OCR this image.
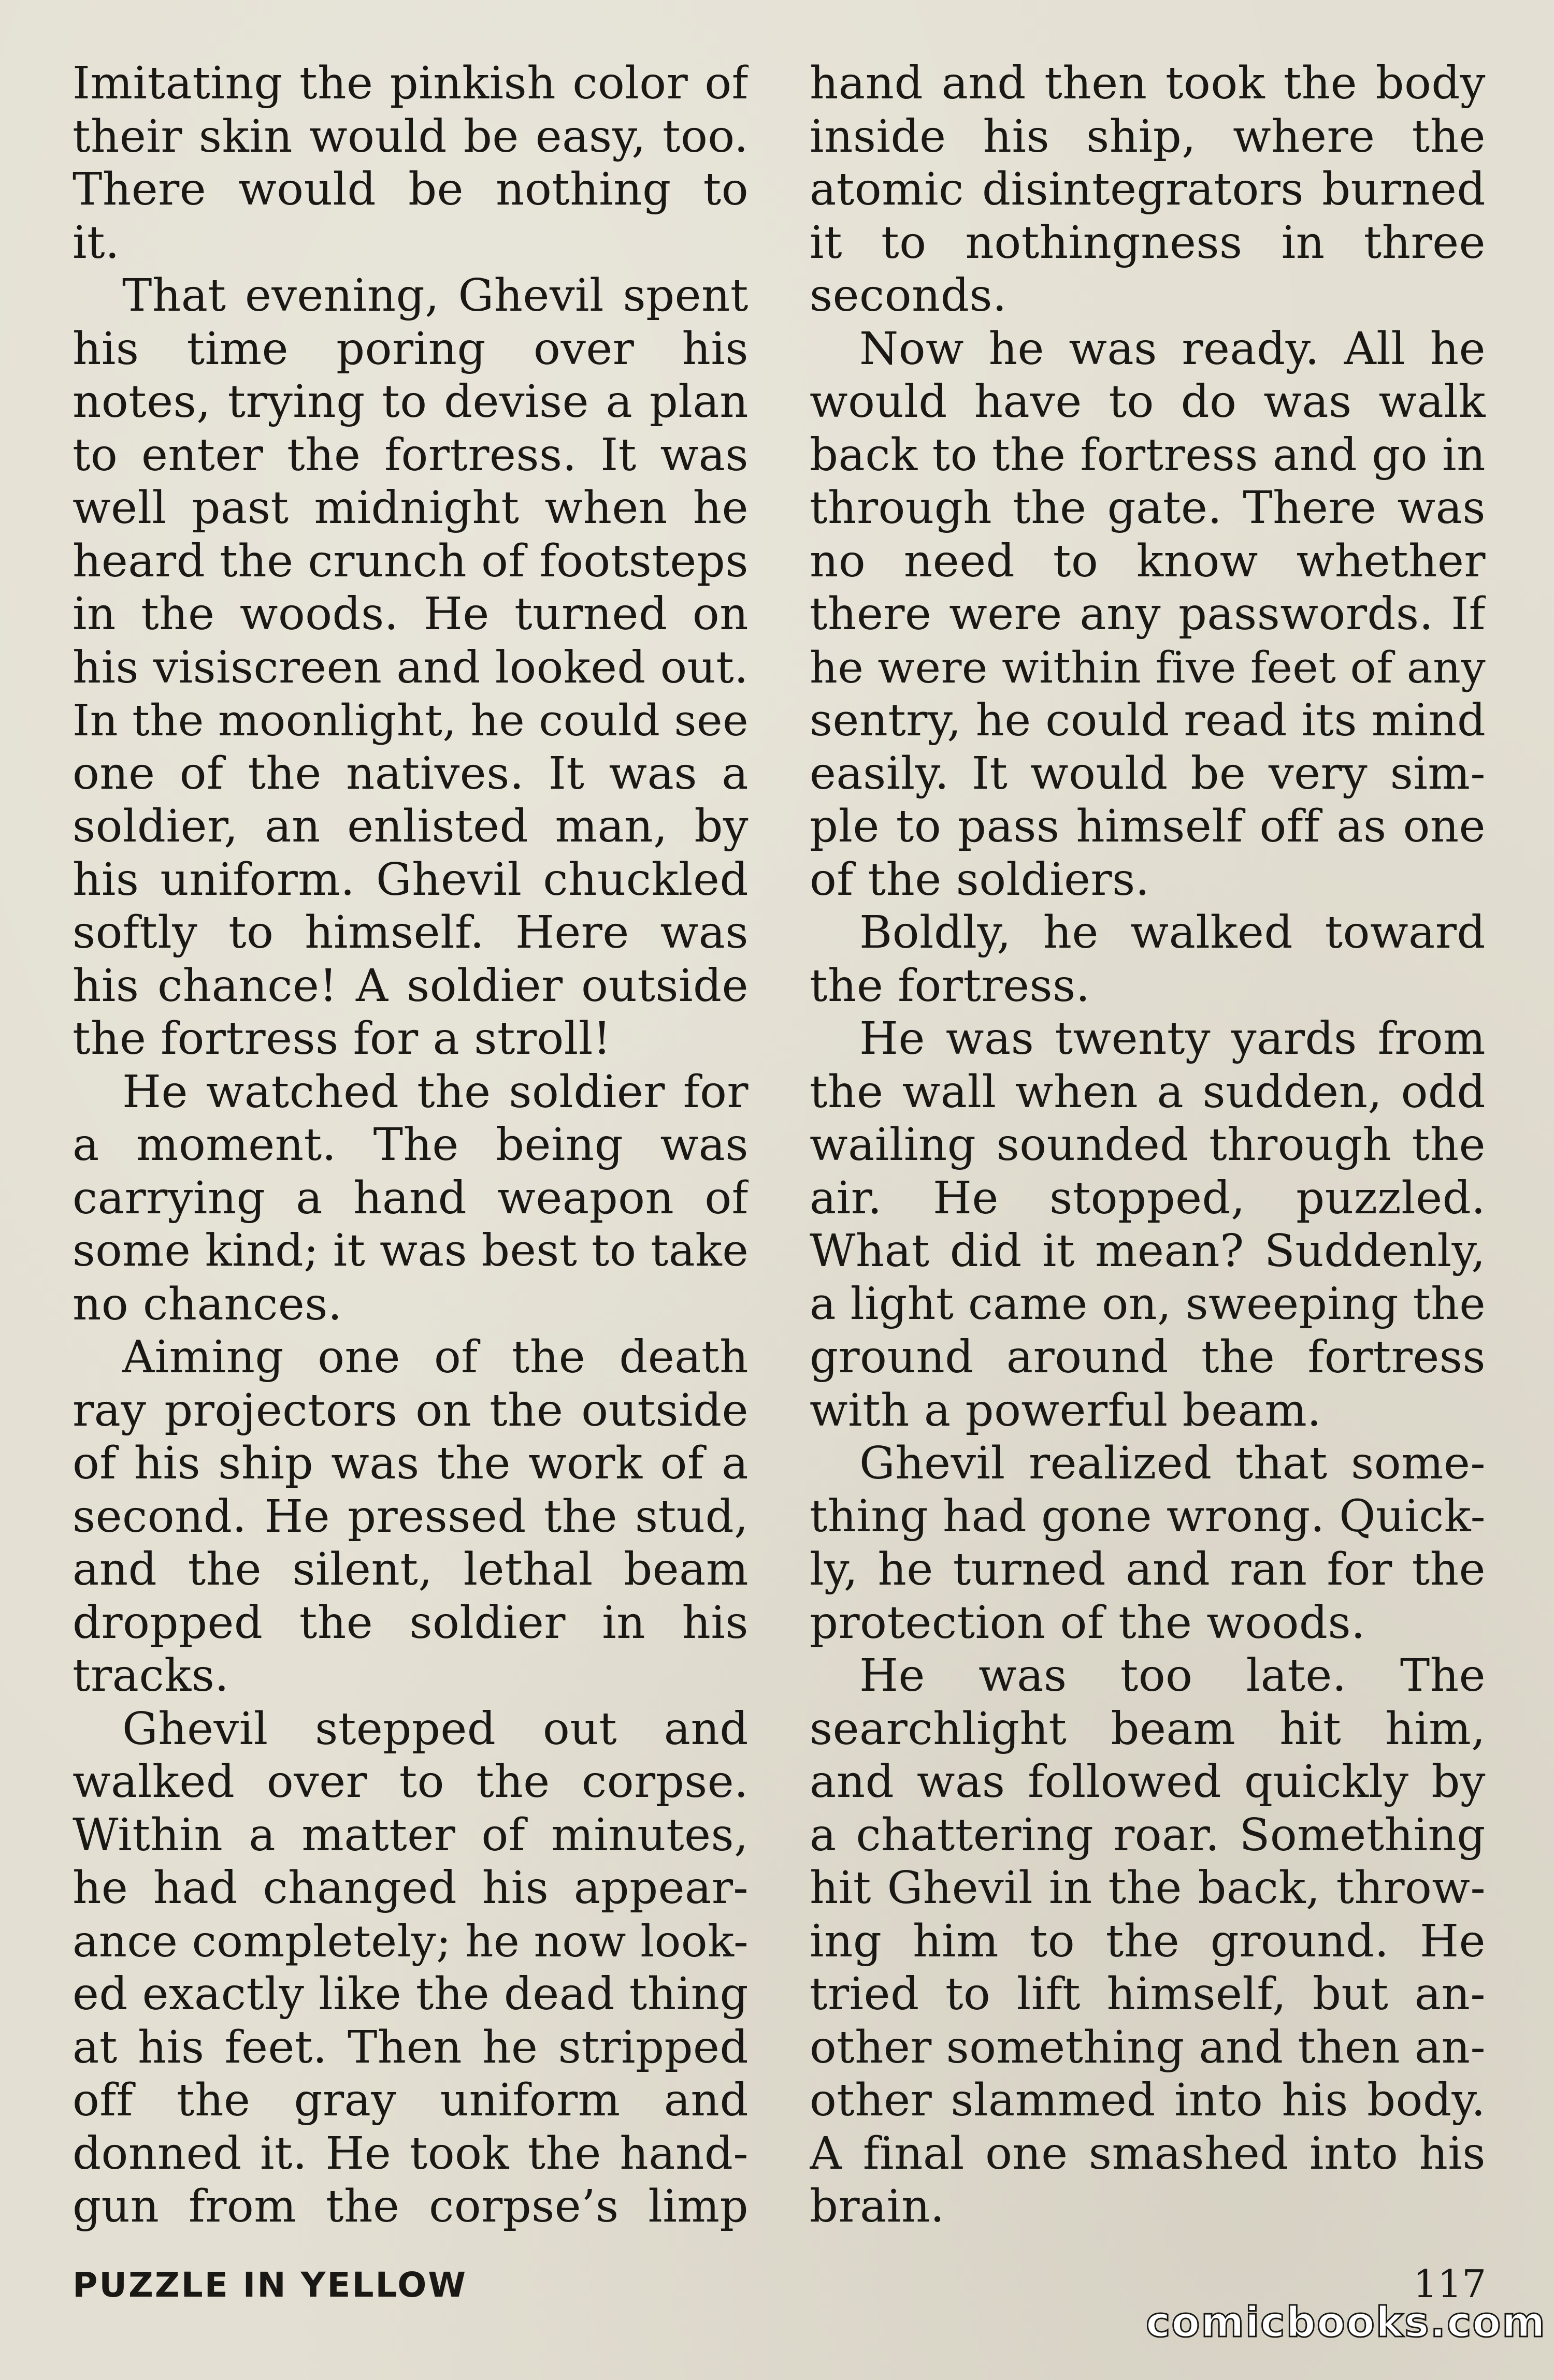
Imitating the pinkish color of
their skin would be easy, too.
There would be nothing to
it.
That evening, Ghevil spent
his time poring over his
notes, trying to devise a plan
to enter the fortress. It was
well past midnight when he
heard the crunch of footsteps
in the woods. He turned on
his visiscreen and looked out.
In the moonlight, he could see
one of the natives. It was a
soldier, an enlisted man, by
his uniform. Ghevil chuckled
softly to himself. Here was
his chance! A soldier outside
the fortress for a stroll!
He watched the soldier for
a moment. The being was
carrying a hand weapon of
some kind; it was best to take
no chances.
Aiming one of the death
ray projectors on the outside
of his ship was the work of a
second. He pressed the stud,
and the silent, lethal beam
dropped the soldier in his
tracks.
Ghevil stepped out and
walked over to the corpse.
Within a matter of minutes,
he had changed his appear-
ance completely; he now look-
ed exactly like the dead thing
at his feet. Then he stripped
off the gray uniform and
donned it. He took the hand-
gun from the corpse’s limp
hand and then took the body
inside his ship, where the
atomic disintegrators burned
it to nothingness in three
seconds.
Now he was ready. All he
would have to do was walk
back to the fortress and go in
through the gate. There was
no need to know whether
there were any passwords. If
he were within five feet of any
sentry, he could read its mind
easily. It would be very sim-
ple to pass himself off as one
of the soldiers.
Boldly, he walked toward
the fortress.
He was twenty yards from
the wall when a sudden, odd
wailing sounded through the
air. He stopped, puzzled.
What did it mean? Suddenly,
a light came on, sweeping the
ground around the fortress
with a powerful beam.
Ghevil realized that some-
thing had gone wrong. Quick-
ly, he turned and ran for the
protection of the woods.
He was too late. The
searchlight beam hit him,
and was followed quickly by
a chattering roar. Something
hit Ghevil in the back, throw-
ing him to the ground. He
tried to lift himself, but an-
other something and then an-
other slammed into his body.
A final one smashed into his
brain.
PUZZLE IN YELLOW	117
comicbooks.com
